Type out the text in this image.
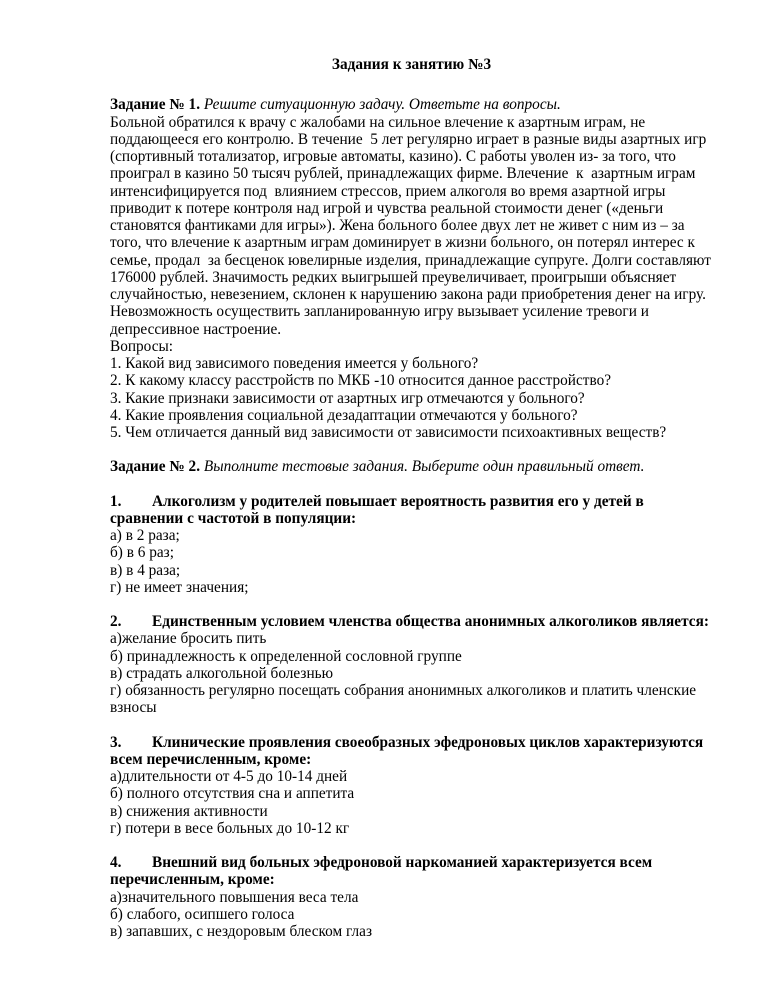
Задания к занятию №3
Задание № 1. Решите ситуационную задачу. Ответьте на вопросы.
Больной обратился к врачу с жалобами на сильное влечение к азартным играм, не поддающееся его контролю. В течение  5 лет регулярно играет в разные виды азартных игр (спортивный тотализатор, игровые автоматы, казино). С работы уволен из- за того, что проиграл в казино 50 тысяч рублей, принадлежащих фирме. Влечение  к  азартным играм интенсифицируется под  влиянием стрессов, прием алкоголя во время азартной игры приводит к потере контроля над игрой и чувства реальной стоимости денег («деньги становятся фантиками для игры»). Жена больного более двух лет не живет с ним из – за того, что влечение к азартным играм доминирует в жизни больного, он потерял интерес к семье, продал  за бесценок ювелирные изделия, принадлежащие супруге. Долги составляют 176000 рублей. Значимость редких выигрышей преувеличивает, проигрыши объясняет случайностью, невезением, склонен к нарушению закона ради приобретения денег на игру. Невозможность осуществить запланированную игру вызывает усиление тревоги и депрессивное настроение.
Вопросы:
1. Какой вид зависимого поведения имеется у больного?
2. К какому классу расстройств по МКБ -10 относится данное расстройство?
3. Какие признаки зависимости от азартных игр отмечаются у больного?
4. Какие проявления социальной дезадаптации отмечаются у больного?
5. Чем отличается данный вид зависимости от зависимости психоактивных веществ?
Задание № 2. Выполните тестовые задания. Выберите один правильный ответ.
1. Алкоголизм у родителей повышает вероятность развития его у детей в сравнении с частотой в популяции:
а) в 2 раза;
б) в 6 раз;
в) в 4 раза;
г) не имеет значения;
2. Единственным условием членства общества анонимных алкоголиков является:
а)желание бросить пить
б) принадлежность к определенной сословной группе
в) страдать алкогольной болезнью
г) обязанность регулярно посещать собрания анонимных алкоголиков и платить членские взносы
3. Клинические проявления своеобразных эфедроновых циклов характеризуются всем перечисленным, кроме:
а)длительности от 4-5 до 10-14 дней
б) полного отсутствия сна и аппетита
в) снижения активности
г) потери в весе больных до 10-12 кг
4. Внешний вид больных эфедроновой наркоманией характеризуется всем перечисленным, кроме:
а)значительного повышения веса тела
б) слабого, осипшего голоса
в) запавших, с нездоровым блеском глаз
